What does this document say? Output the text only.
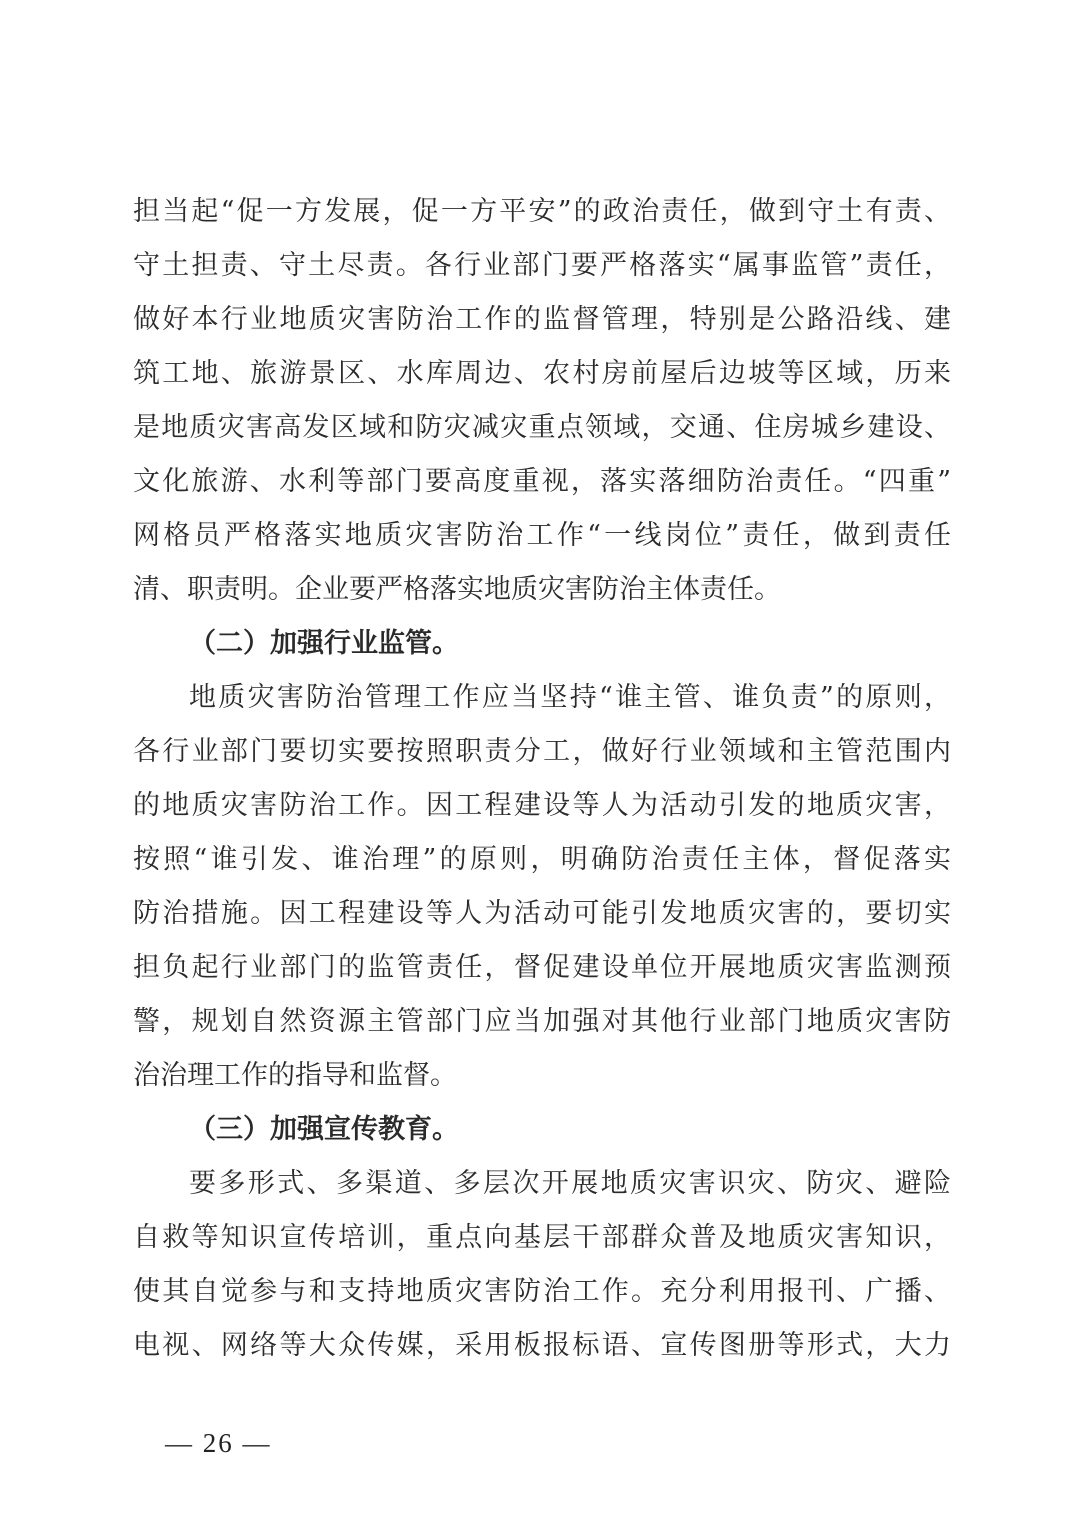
担当起“促一方发展，促一方平安”的政治责任，做到守土有责、
守土担责、守土尽责。各行业部门要严格落实“属事监管”责任，
做好本行业地质灾害防治工作的监督管理，特别是公路沿线、建
筑工地、旅游景区、水库周边、农村房前屋后边坡等区域，历来
是地质灾害高发区域和防灾减灾重点领域，交通、住房城乡建设、
文化旅游、水利等部门要高度重视，落实落细防治责任。“四重”
网格员严格落实地质灾害防治工作“一线岗位”责任，做到责任
清、职责明。企业要严格落实地质灾害防治主体责任。
（二）加强行业监管。
地质灾害防治管理工作应当坚持“谁主管、谁负责”的原则，
各行业部门要切实要按照职责分工，做好行业领域和主管范围内
的地质灾害防治工作。因工程建设等人为活动引发的地质灾害，
按照“谁引发、谁治理”的原则，明确防治责任主体，督促落实
防治措施。因工程建设等人为活动可能引发地质灾害的，要切实
担负起行业部门的监管责任，督促建设单位开展地质灾害监测预
警，规划自然资源主管部门应当加强对其他行业部门地质灾害防
治治理工作的指导和监督。
（三）加强宣传教育。
要多形式、多渠道、多层次开展地质灾害识灾、防灾、避险
自救等知识宣传培训，重点向基层干部群众普及地质灾害知识，
使其自觉参与和支持地质灾害防治工作。充分利用报刊、广播、
电视、网络等大众传媒，采用板报标语、宣传图册等形式，大力
— 26 —
